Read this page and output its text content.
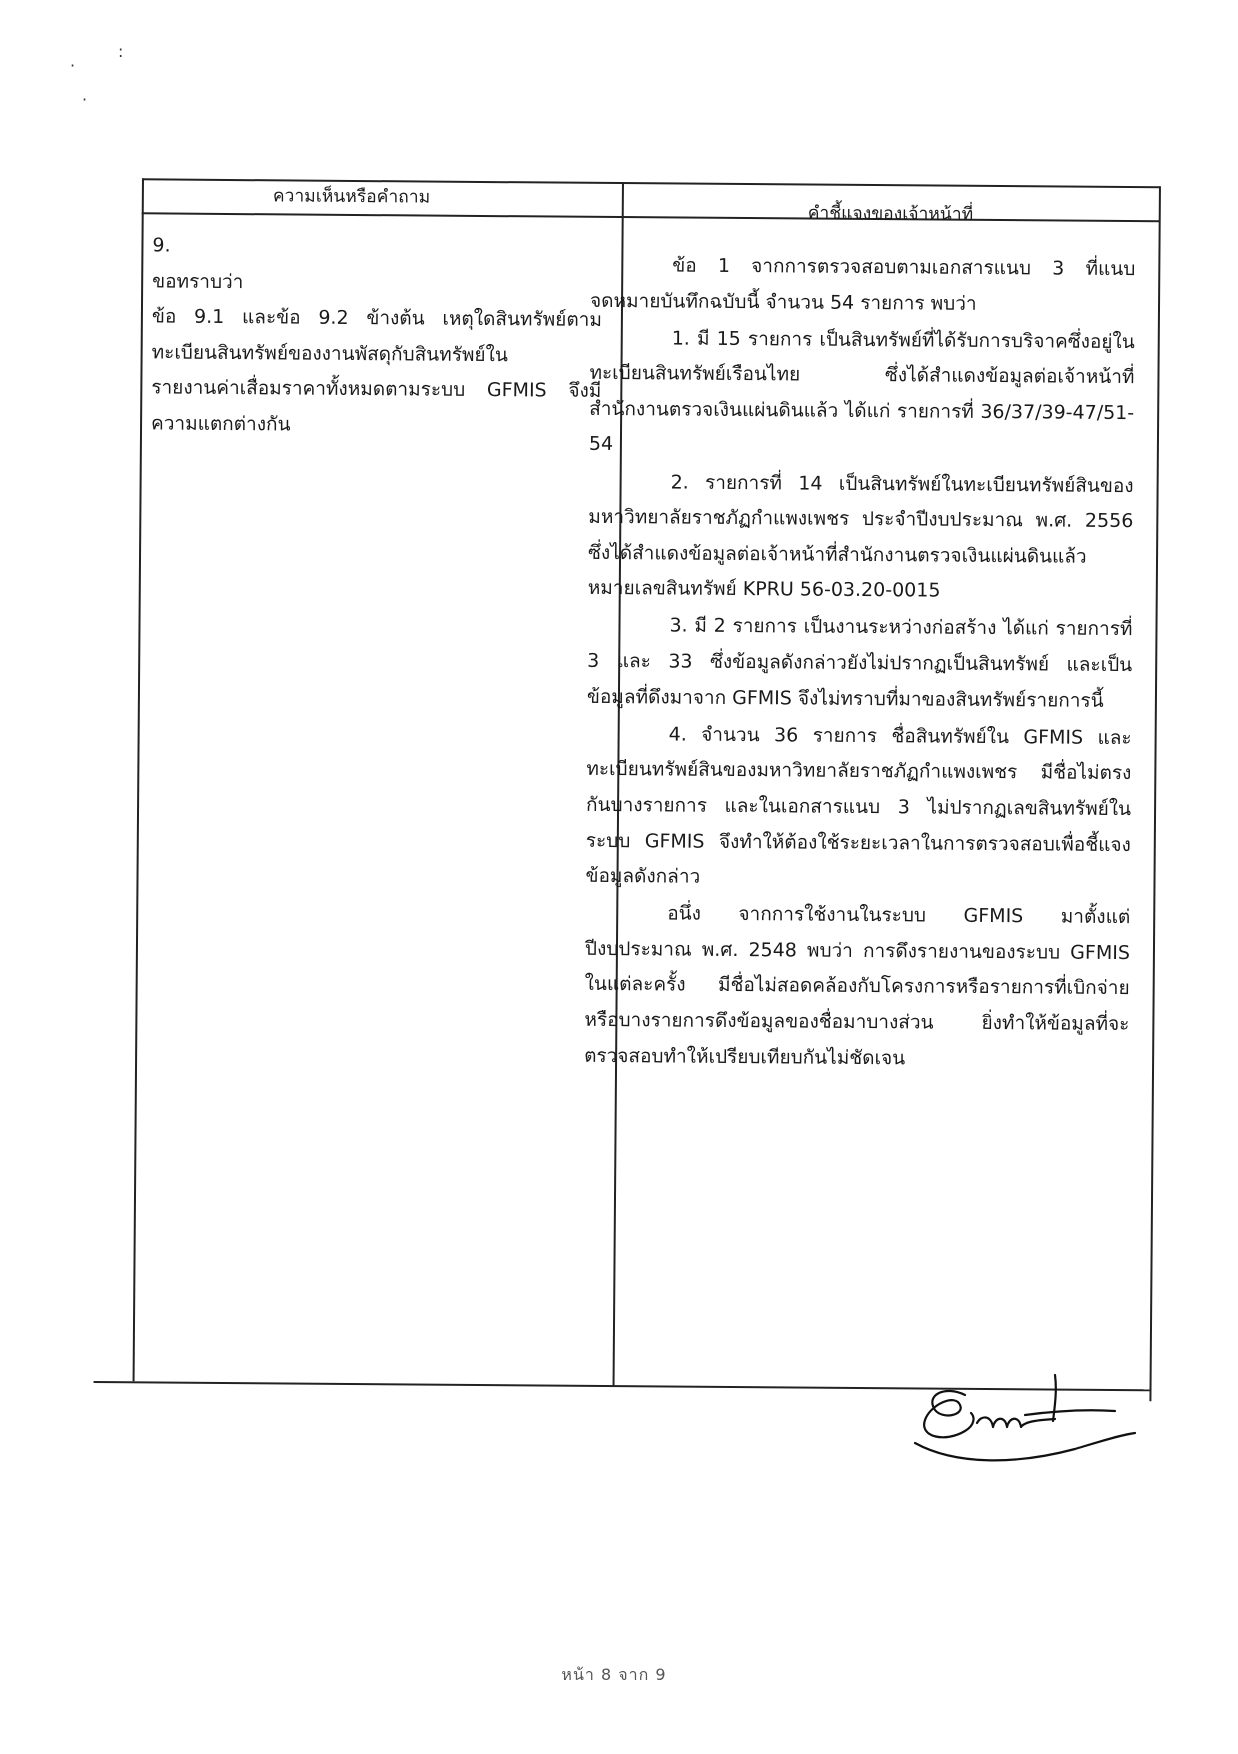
:
·
·
ความเห็นหรือคำถาม
คำชี้แจงของเจ้าหน้าที่
9.
ขอทราบว่า
ข้อ 9.1 และข้อ 9.2 ข้างต้น เหตุใดสินทรัพย์ตาม
ทะเบียนสินทรัพย์ของงานพัสดุกับสินทรัพย์ใน
รายงานค่าเสื่อมราคาทั้งหมดตามระบบ GFMIS จึงมี
ความแตกต่างกัน

ข้อ 1 จากการตรวจสอบตามเอกสารแนบ 3 ที่แนบจดหมายบันทึกฉบับนี้ จำนวน 54 รายการ พบว่า

1. มี 15 รายการ เป็นสินทรัพย์ที่ได้รับการบริจาคซึ่งอยู่ในทะเบียนสินทรัพย์เรือนไทย ซึ่งได้สำแดงข้อมูลต่อเจ้าหน้าที่สำนักงานตรวจเงินแผ่นดินแล้ว ได้แก่ รายการที่ 36/37/39-47/51-54

2. รายการที่ 14 เป็นสินทรัพย์ในทะเบียนทรัพย์สินของมหาวิทยาลัยราชภัฏกำแพงเพชร ประจำปีงบประมาณ พ.ศ. 2556 ซึ่งได้สำแดงข้อมูลต่อเจ้าหน้าที่สำนักงานตรวจเงินแผ่นดินแล้ว หมายเลขสินทรัพย์ KPRU 56-03.20-0015

3. มี 2 รายการ เป็นงานระหว่างก่อสร้าง ได้แก่ รายการที่ 3 และ 33 ซึ่งข้อมูลดังกล่าวยังไม่ปรากฏเป็นสินทรัพย์ และเป็นข้อมูลที่ดึงมาจาก GFMIS จึงไม่ทราบที่มาของสินทรัพย์รายการนี้

4. จำนวน 36 รายการ ชื่อสินทรัพย์ใน GFMIS และทะเบียนทรัพย์สินของมหาวิทยาลัยราชภัฏกำแพงเพชร มีชื่อไม่ตรงกันบางรายการ และในเอกสารแนบ 3 ไม่ปรากฏเลขสินทรัพย์ในระบบ GFMIS จึงทำให้ต้องใช้ระยะเวลาในการตรวจสอบเพื่อชี้แจงข้อมูลดังกล่าว

อนึ่ง จากการใช้งานในระบบ GFMIS มาตั้งแต่ปีงบประมาณ พ.ศ. 2548 พบว่า การดึงรายงานของระบบ GFMIS ในแต่ละครั้ง มีชื่อไม่สอดคล้องกับโครงการหรือรายการที่เบิกจ่าย หรือบางรายการดึงข้อมูลของชื่อมาบางส่วน ยิ่งทำให้ข้อมูลที่จะตรวจสอบทำให้เปรียบเทียบกันไม่ชัดเจน

หน้า 8 จาก 9
